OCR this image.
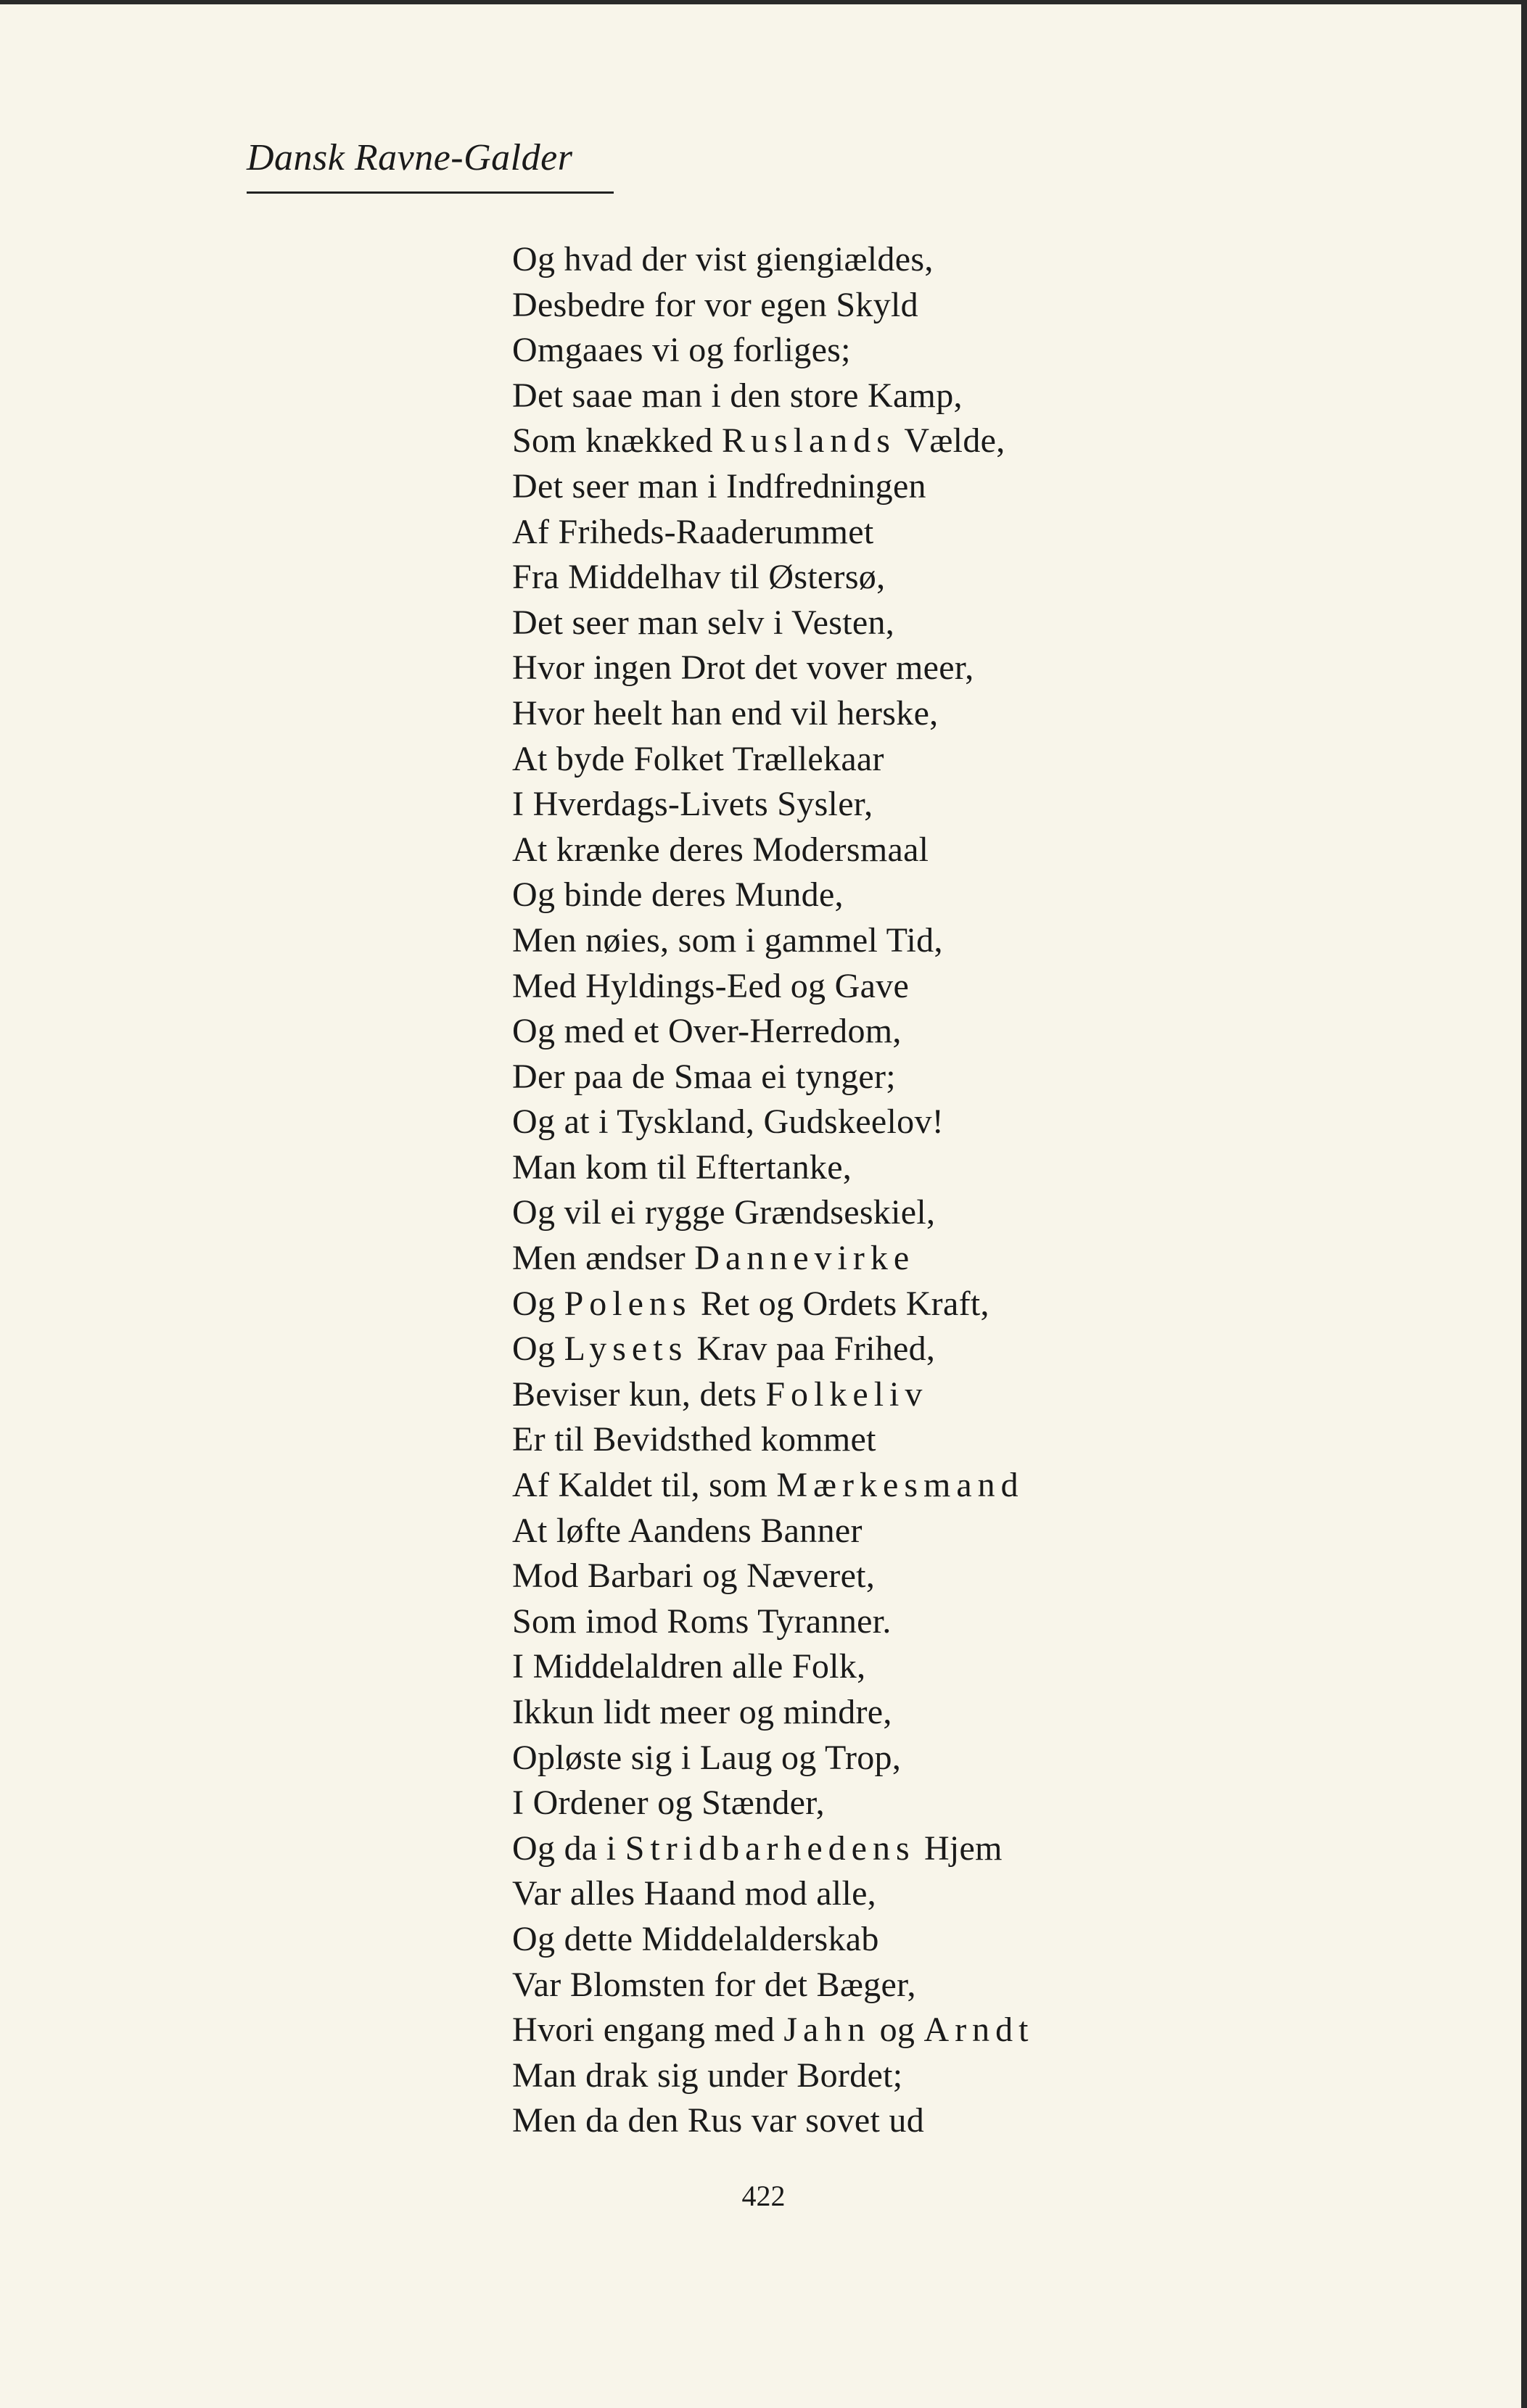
Dansk Ravne-Galder
Og hvad der vist giengiældes,
Desbedre for vor egen Skyld
Omgaaes vi og forliges;
Det saae man i den store Kamp,
Som knækked Ruslands Vælde,
Det seer man i Indfredningen
Af Friheds-Raaderummet
Fra Middelhav til Østersø,
Det seer man selv i Vesten,
Hvor ingen Drot det vover meer,
Hvor heelt han end vil herske,
At byde Folket Trællekaar
I Hverdags-Livets Sysler,
At krænke deres Modersmaal
Og binde deres Munde,
Men nøies, som i gammel Tid,
Med Hyldings-Eed og Gave
Og med et Over-Herredom,
Der paa de Smaa ei tynger;
Og at i Tyskland, Gudskeelov!
Man kom til Eftertanke,
Og vil ei rygge Grændseskiel,
Men ændser Dannevirke
Og Polens Ret og Ordets Kraft,
Og Lysets Krav paa Frihed,
Beviser kun, dets Folkeliv
Er til Bevidsthed kommet
Af Kaldet til, som Mærkesmand
At løfte Aandens Banner
Mod Barbari og Næveret,
Som imod Roms Tyranner.
I Middelaldren alle Folk,
Ikkun lidt meer og mindre,
Opløste sig i Laug og Trop,
I Ordener og Stænder,
Og da i Stridbarhedens Hjem
Var alles Haand mod alle,
Og dette Middelalderskab
Var Blomsten for det Bæger,
Hvori engang med Jahn og Arndt
Man drak sig under Bordet;
Men da den Rus var sovet ud
422
